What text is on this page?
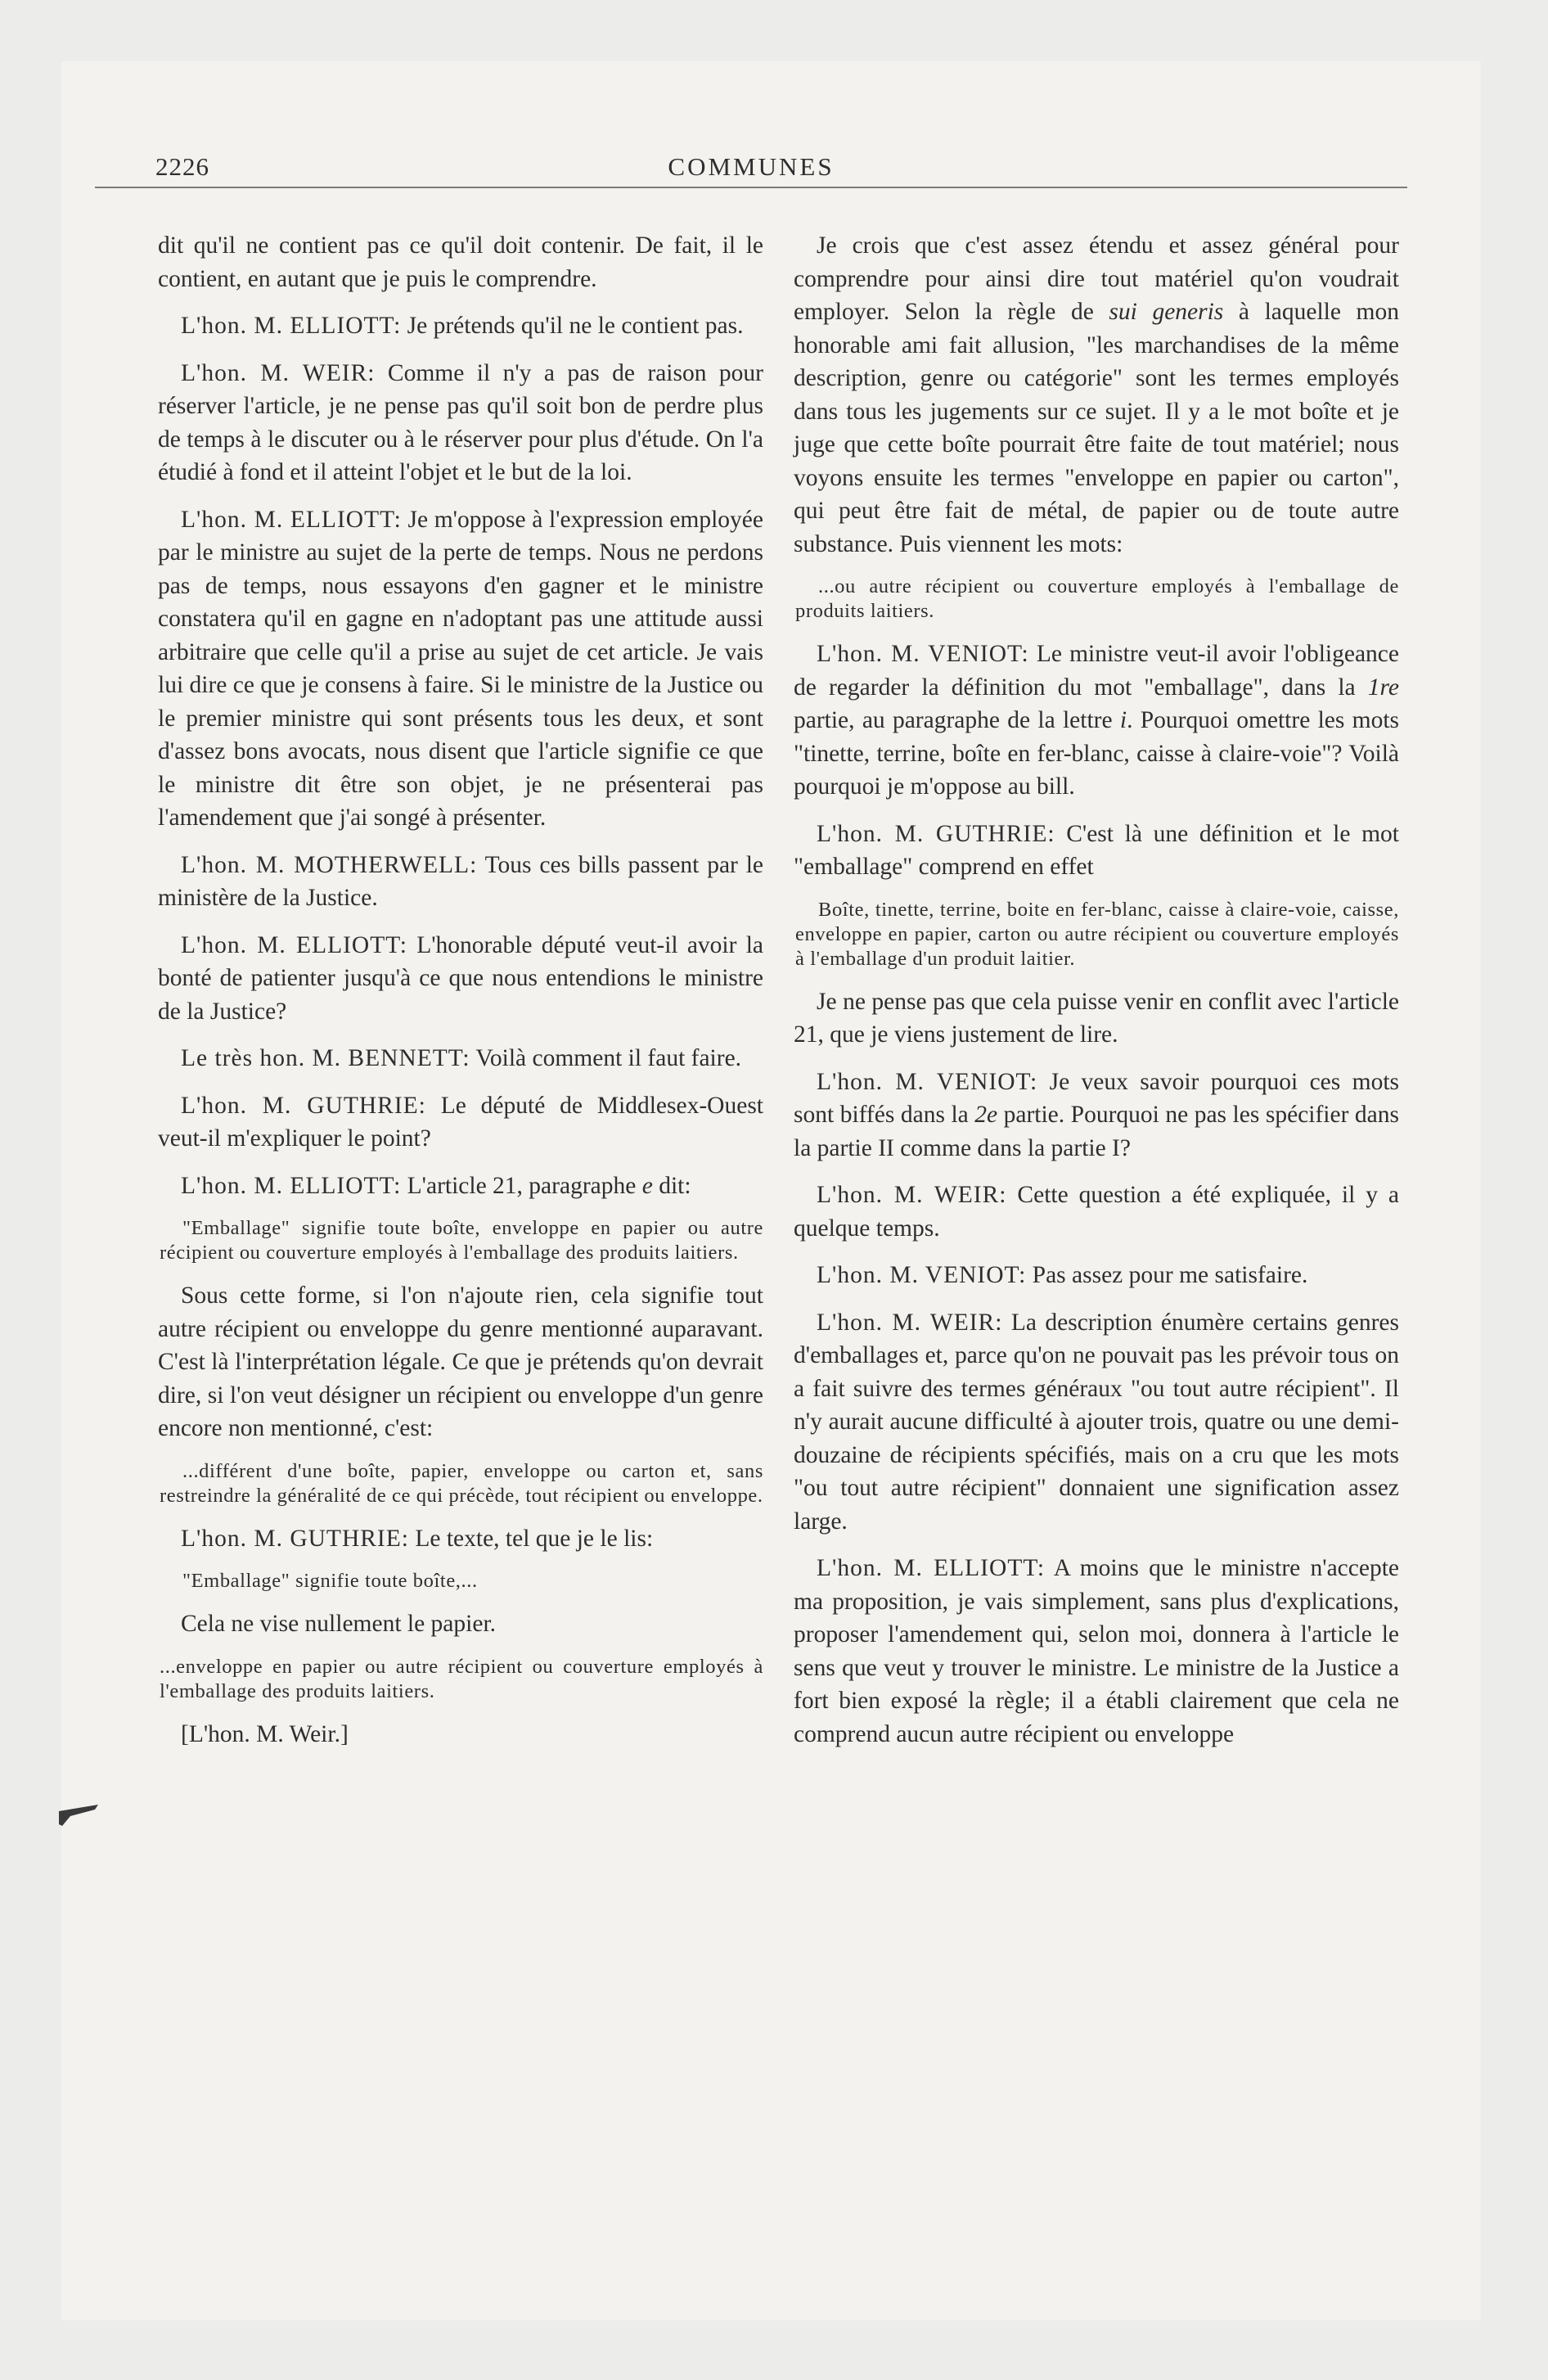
2226	COMMUNES

dit qu'il ne contient pas ce qu'il doit contenir. De fait, il le contient, en autant que je puis le comprendre.

L'hon. M. ELLIOTT: Je prétends qu'il ne le contient pas.

L'hon. M. WEIR: Comme il n'y a pas de raison pour réserver l'article, je ne pense pas qu'il soit bon de perdre plus de temps à le discuter ou à le réserver pour plus d'étude. On l'a étudié à fond et il atteint l'objet et le but de la loi.

L'hon. M. ELLIOTT: Je m'oppose à l'expression employée par le ministre au sujet de la perte de temps. Nous ne perdons pas de temps, nous essayons d'en gagner et le ministre constatera qu'il en gagne en n'adoptant pas une attitude aussi arbitraire que celle qu'il a prise au sujet de cet article. Je vais lui dire ce que je consens à faire. Si le ministre de la Justice ou le premier ministre qui sont présents tous les deux, et sont d'assez bons avocats, nous disent que l'article signifie ce que le ministre dit être son objet, je ne présenterai pas l'amendement que j'ai songé à présenter.

L'hon. M. MOTHERWELL: Tous ces bills passent par le ministère de la Justice.

L'hon. M. ELLIOTT: L'honorable député veut-il avoir la bonté de patienter jusqu'à ce que nous entendions le ministre de la Justice?

Le très hon. M. BENNETT: Voilà comment il faut faire.

L'hon. M. GUTHRIE: Le député de Middlesex-Ouest veut-il m'expliquer le point?

L'hon. M. ELLIOTT: L'article 21, paragraphe e dit:

"Emballage" signifie toute boîte, enveloppe en papier ou autre récipient ou couverture employés à l'emballage des produits laitiers.

Sous cette forme, si l'on n'ajoute rien, cela signifie tout autre récipient ou enveloppe du genre mentionné auparavant. C'est là l'interprétation légale. Ce que je prétends qu'on devrait dire, si l'on veut désigner un récipient ou enveloppe d'un genre encore non mentionné, c'est:

...différent d'une boîte, papier, enveloppe ou carton et, sans restreindre la généralité de ce qui précède, tout récipient ou enveloppe.

L'hon. M. GUTHRIE: Le texte, tel que je le lis:

"Emballage" signifie toute boîte,...

Cela ne vise nullement le papier.

...enveloppe en papier ou autre récipient ou couverture employés à l'emballage des produits laitiers.

[L'hon. M. Weir.]

Je crois que c'est assez étendu et assez général pour comprendre pour ainsi dire tout matériel qu'on voudrait employer. Selon la règle de sui generis à laquelle mon honorable ami fait allusion, "les marchandises de la même description, genre ou catégorie" sont les termes employés dans tous les jugements sur ce sujet. Il y a le mot boîte et je juge que cette boîte pourrait être faite de tout matériel; nous voyons ensuite les termes "enveloppe en papier ou carton", qui peut être fait de métal, de papier ou de toute autre substance. Puis viennent les mots:

...ou autre récipient ou couverture employés à l'emballage de produits laitiers.

L'hon. M. VENIOT: Le ministre veut-il avoir l'obligeance de regarder la définition du mot "emballage", dans la 1re partie, au paragraphe de la lettre i. Pourquoi omettre les mots "tinette, terrine, boîte en fer-blanc, caisse à claire-voie"? Voilà pourquoi je m'oppose au bill.

L'hon. M. GUTHRIE: C'est là une définition et le mot "emballage" comprend en effet

Boîte, tinette, terrine, boite en fer-blanc, caisse à claire-voie, caisse, enveloppe en papier, carton ou autre récipient ou couverture employés à l'emballage d'un produit laitier.

Je ne pense pas que cela puisse venir en conflit avec l'article 21, que je viens justement de lire.

L'hon. M. VENIOT: Je veux savoir pourquoi ces mots sont biffés dans la 2e partie. Pourquoi ne pas les spécifier dans la partie II comme dans la partie I?

L'hon. M. WEIR: Cette question a été expliquée, il y a quelque temps.

L'hon. M. VENIOT: Pas assez pour me satisfaire.

L'hon. M. WEIR: La description énumère certains genres d'emballages et, parce qu'on ne pouvait pas les prévoir tous on a fait suivre des termes généraux "ou tout autre récipient". Il n'y aurait aucune difficulté à ajouter trois, quatre ou une demi-douzaine de récipients spécifiés, mais on a cru que les mots "ou tout autre récipient" donnaient une signification assez large.

L'hon. M. ELLIOTT: A moins que le ministre n'accepte ma proposition, je vais simplement, sans plus d'explications, proposer l'amendement qui, selon moi, donnera à l'article le sens que veut y trouver le ministre. Le ministre de la Justice a fort bien exposé la règle; il a établi clairement que cela ne comprend aucun autre récipient ou enveloppe
